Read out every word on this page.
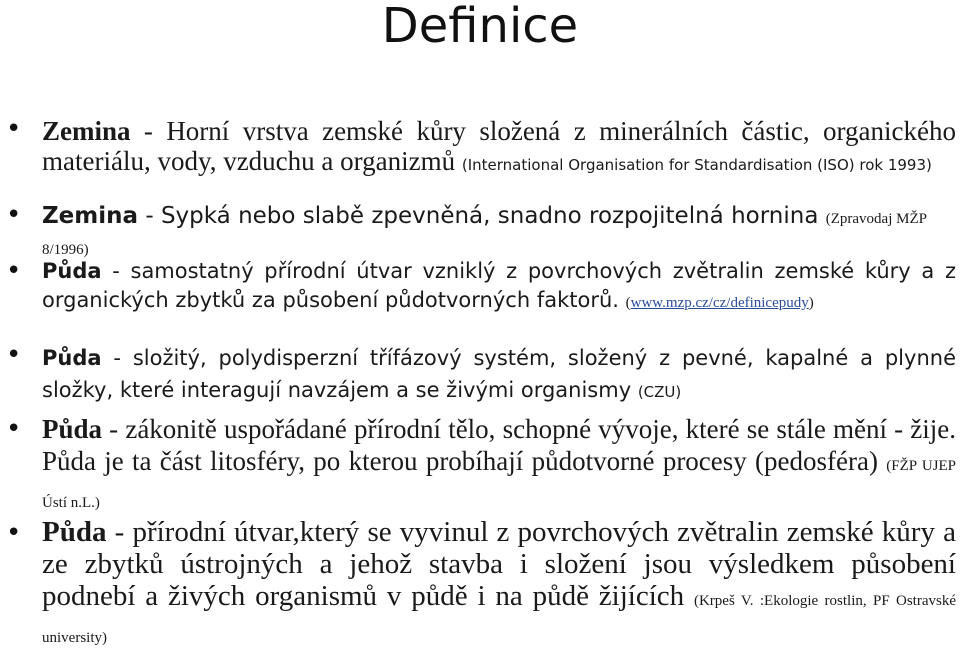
Definice
• Zemina - Horní vrstva zemské kůry složená z minerálních částic, organického materiálu, vody, vzduchu a organizmů (International Organisation for Standardisation (ISO) rok 1993)
• Zemina - Sypká nebo slabě zpevněná, snadno rozpojitelná hornina (Zpravodaj MŽP 8/1996)
• Půda - samostatný přírodní útvar vzniklý z povrchových zvětralin zemské kůry a z organických zbytků za působení půdotvorných faktorů. (www.mzp.cz/cz/definicepudy)
• Půda - složitý, polydisperzní třífázový systém, složený z pevné, kapalné a plynné složky, které interagují navzájem a se živými organismy (CZU)
• Půda - zákonitě uspořádané přírodní tělo, schopné vývoje, které se stále mění - žije. Půda je ta část litosféry, po kterou probíhají půdotvorné procesy (pedosféra) (FŽP UJEP Ústí n.L.)
• Půda - přírodní útvar,který se vyvinul z povrchových zvětralin zemské kůry a ze zbytků ústrojných a jehož stavba i složení jsou výsledkem působení podnebí a živých organismů v půdě i na půdě žijících (Krpeš V. :Ekologie rostlin, PF Ostravské university)
